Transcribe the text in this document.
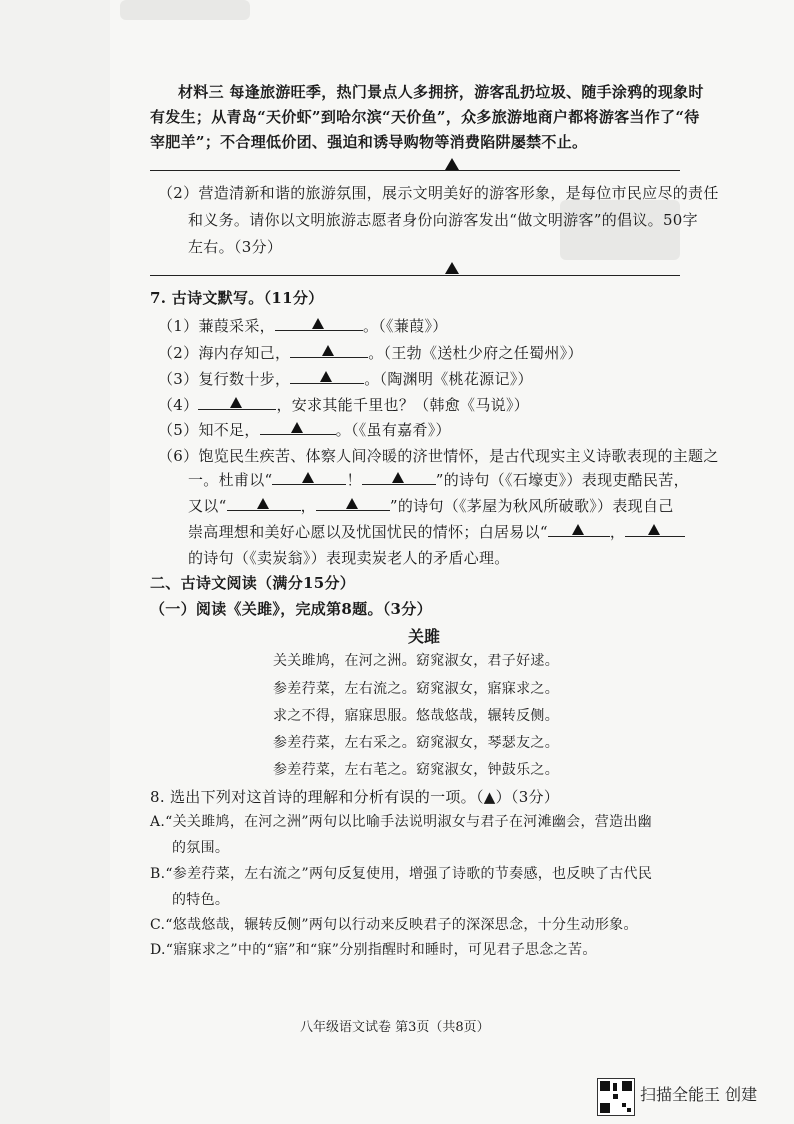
材料三 每逢旅游旺季，热门景点人多拥挤，游客乱扔垃圾、随手涂鸦的现象时
有发生；从青岛“天价虾”到哈尔滨“天价鱼”，众多旅游地商户都将游客当作了“待
宰肥羊”；不合理低价团、强迫和诱导购物等消费陷阱屡禁不止。
（2）营造清新和谐的旅游氛围，展示文明美好的游客形象，是每位市民应尽的责任
和义务。请你以文明旅游志愿者身份向游客发出“做文明游客”的倡议。50字
左右。（3分）
7. 古诗文默写。（11分）
（1）蒹葭采采，	。（《蒹葭》）
（2）海内存知己，	。（王勃《送杜少府之任蜀州》）
（3）复行数十步，	。（陶渊明《桃花源记》）
（4）	，安求其能千里也？（韩愈《马说》）
（5）知不足，	。（《虽有嘉肴》）
（6）饱览民生疾苦、体察人间冷暖的济世情怀，是古代现实主义诗歌表现的主题之
一。杜甫以“	！	”的诗句（《石壕吏》）表现吏酷民苦，
又以“	，	”的诗句（《茅屋为秋风所破歌》）表现自己
崇高理想和美好心愿以及忧国忧民的情怀；白居易以“	，
的诗句（《卖炭翁》）表现卖炭老人的矛盾心理。
二、古诗文阅读（满分15分）
（一）阅读《关雎》，完成第8题。（3分）
关雎
关关雎鸠，在河之洲。窈窕淑女，君子好逑。
参差荇菜，左右流之。窈窕淑女，寤寐求之。
求之不得，寤寐思服。悠哉悠哉，辗转反侧。
参差荇菜，左右采之。窈窕淑女，琴瑟友之。
参差荇菜，左右芼之。窈窕淑女，钟鼓乐之。
8. 选出下列对这首诗的理解和分析有误的一项。（▲）（3分）
A.“关关雎鸠，在河之洲”两句以比喻手法说明淑女与君子在河滩幽会，营造出幽
的氛围。
B.“参差荇菜，左右流之”两句反复使用，增强了诗歌的节奏感，也反映了古代民
的特色。
C.“悠哉悠哉，辗转反侧”两句以行动来反映君子的深深思念，十分生动形象。
D.“寤寐求之”中的“寤”和“寐”分别指醒时和睡时，可见君子思念之苦。
八年级语文试卷 第3页（共8页）
扫描全能王 创建
